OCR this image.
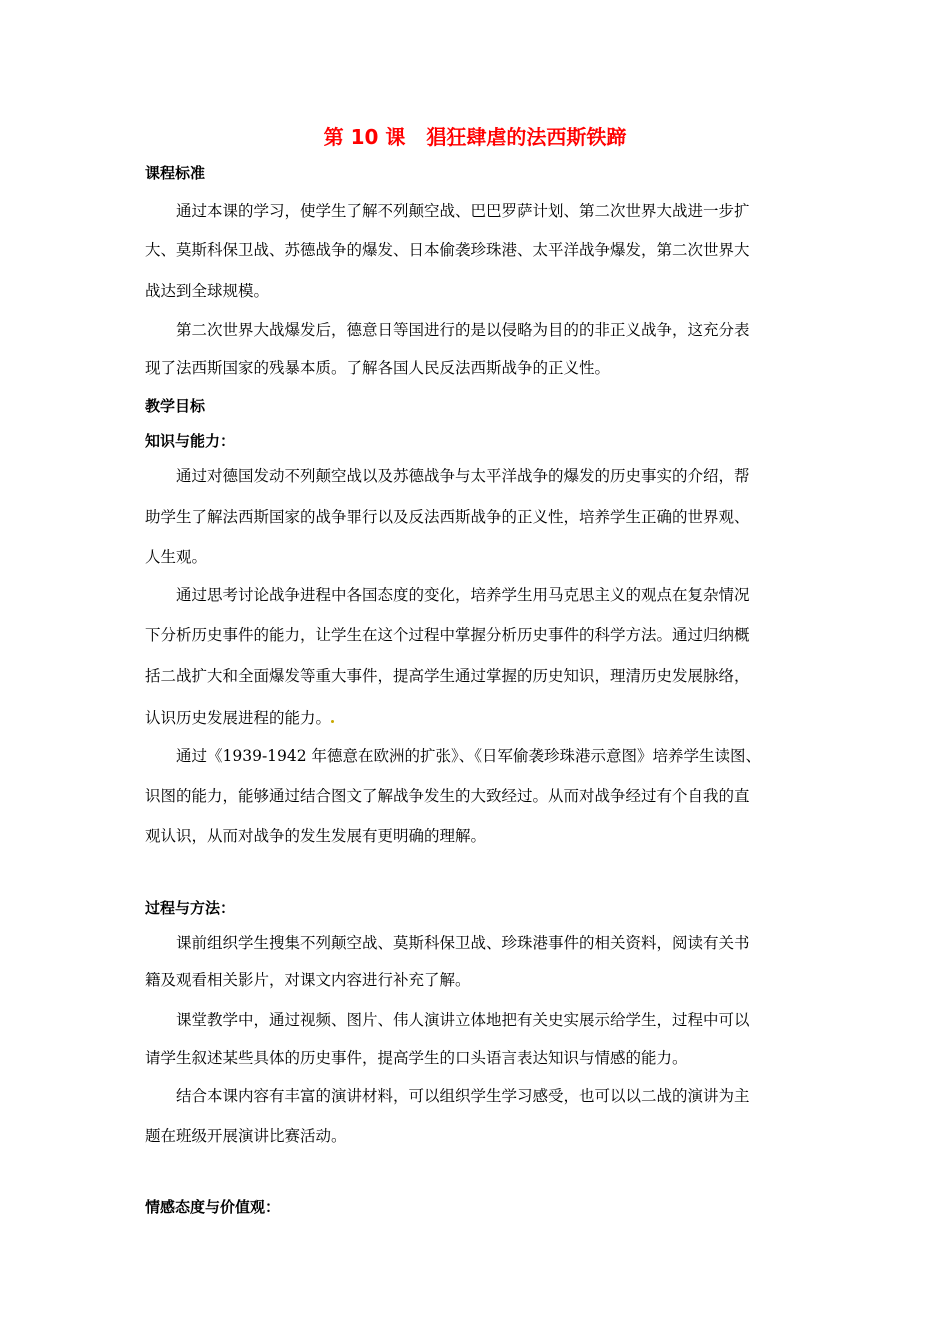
第 10 课   猖狂肆虐的法西斯铁蹄
课程标准
通过本课的学习，使学生了解不列颠空战、巴巴罗萨计划、第二次世界大战进一步扩
大、莫斯科保卫战、苏德战争的爆发、日本偷袭珍珠港、太平洋战争爆发，第二次世界大
战达到全球规模。
第二次世界大战爆发后，德意日等国进行的是以侵略为目的的非正义战争，这充分表
现了法西斯国家的残暴本质。了解各国人民反法西斯战争的正义性。
教学目标
知识与能力：
通过对德国发动不列颠空战以及苏德战争与太平洋战争的爆发的历史事实的介绍，帮
助学生了解法西斯国家的战争罪行以及反法西斯战争的正义性，培养学生正确的世界观、
人生观。
通过思考讨论战争进程中各国态度的变化，培养学生用马克思主义的观点在复杂情况
下分析历史事件的能力，让学生在这个过程中掌握分析历史事件的科学方法。通过归纳概
括二战扩大和全面爆发等重大事件，提高学生通过掌握的历史知识，理清历史发展脉络，
认识历史发展进程的能力。
通过《1939-1942 年德意在欧洲的扩张》、《日军偷袭珍珠港示意图》培养学生读图、
识图的能力，能够通过结合图文了解战争发生的大致经过。从而对战争经过有个自我的直
观认识，从而对战争的发生发展有更明确的理解。
过程与方法：
课前组织学生搜集不列颠空战、莫斯科保卫战、珍珠港事件的相关资料，阅读有关书
籍及观看相关影片，对课文内容进行补充了解。
课堂教学中，通过视频、图片、伟人演讲立体地把有关史实展示给学生，过程中可以
请学生叙述某些具体的历史事件，提高学生的口头语言表达知识与情感的能力。
结合本课内容有丰富的演讲材料，可以组织学生学习感受，也可以以二战的演讲为主
题在班级开展演讲比赛活动。
情感态度与价值观：
